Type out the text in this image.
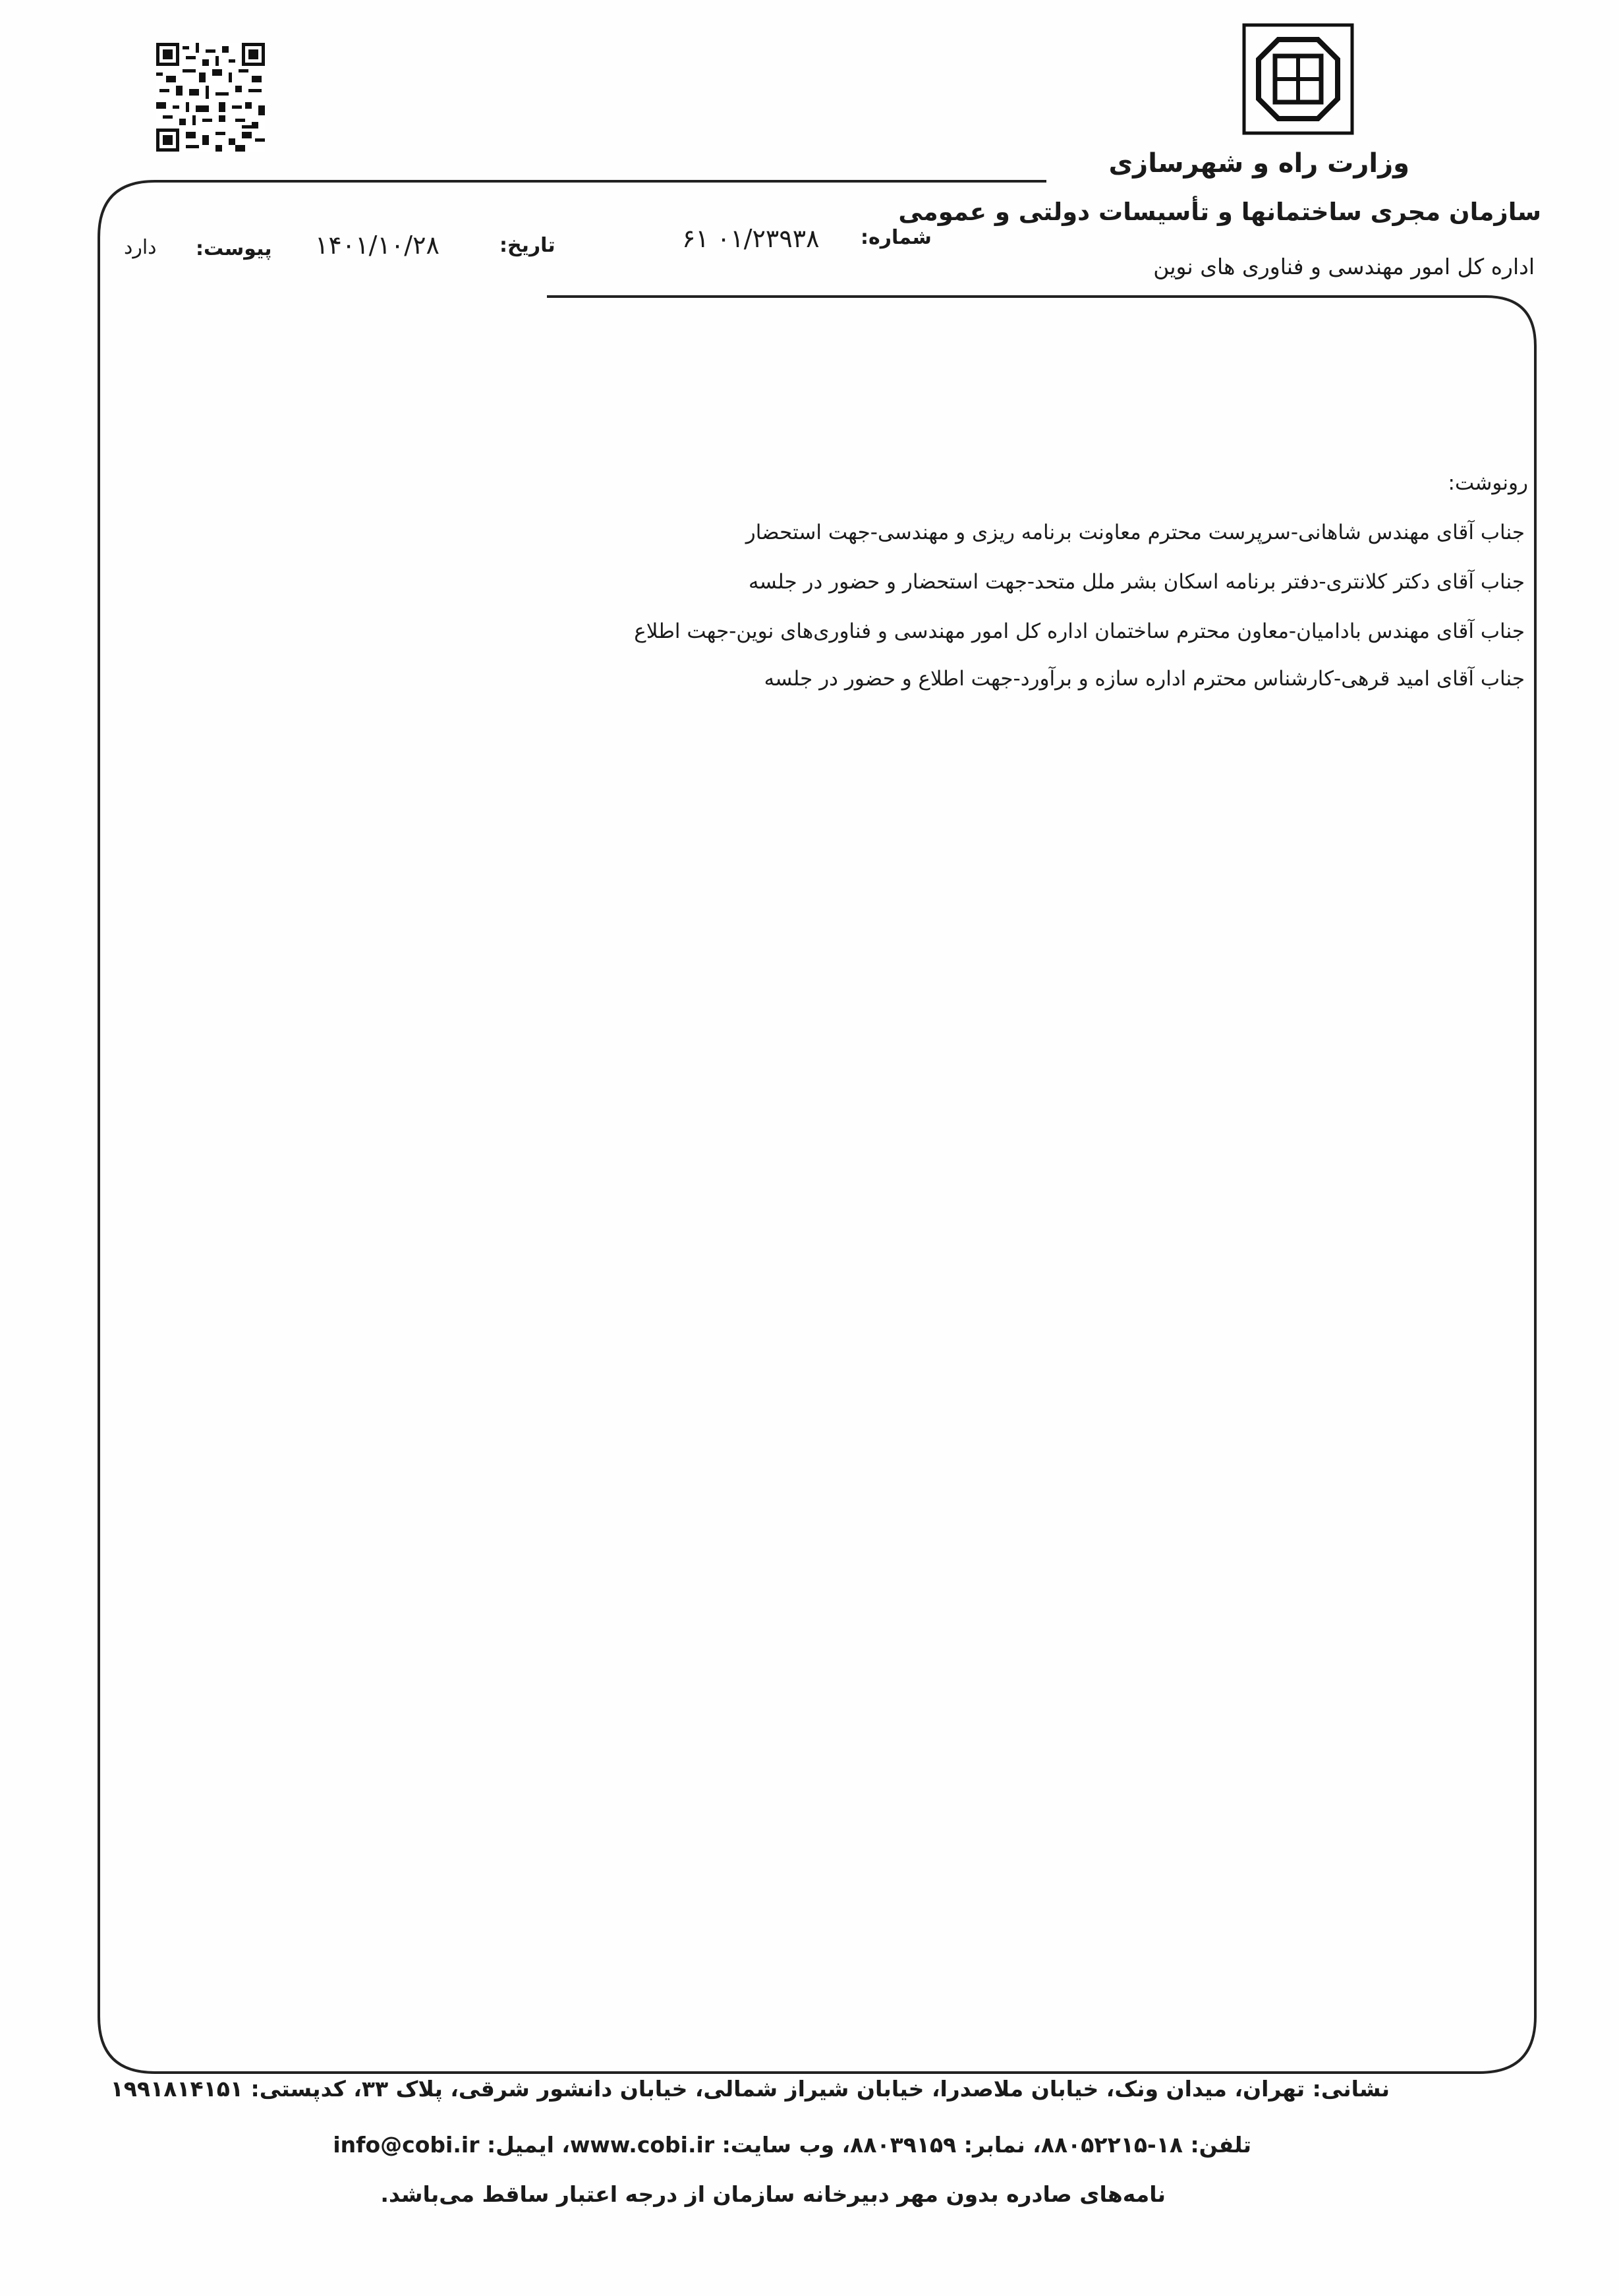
وزارت راه و شهرسازی
سازمان مجری ساختمانها و تأسیسات دولتی و عمومی
اداره کل امور مهندسی و فناوری های نوین
شماره:
۶۱ ۰۱/۲۳۹۳۸
تاریخ:
۱۴۰۱/۱۰/۲۸
پیوست:
دارد
رونوشت:
جناب آقای مهندس شاهانی-سرپرست محترم معاونت برنامه ریزی و مهندسی-جهت استحضار
جناب آقای دکتر کلانتری-دفتر برنامه اسکان بشر ملل متحد-جهت استحضار و حضور در جلسه
جناب آقای مهندس بادامیان-معاون محترم ساختمان اداره کل امور مهندسی و فناوری‌های نوین-جهت اطلاع
جناب آقای امید قرهی-کارشناس محترم اداره سازه و برآورد-جهت اطلاع و حضور در جلسه
نشانی: تهران، میدان ونک، خیابان ملاصدرا، خیابان شیراز شمالی، خیابان دانشور شرقی، پلاک ۳۳، کدپستی: ۱۹۹۱۸۱۴۱۵۱
تلفن: ۱۸-۸۸۰۵۲۲۱۵، نمابر: ۸۸۰۳۹۱۵۹، وب سایت: www.cobi.ir، ایمیل: info@cobi.ir
نامه‌های صادره بدون مهر دبیرخانه سازمان از درجه اعتبار ساقط می‌باشد.
